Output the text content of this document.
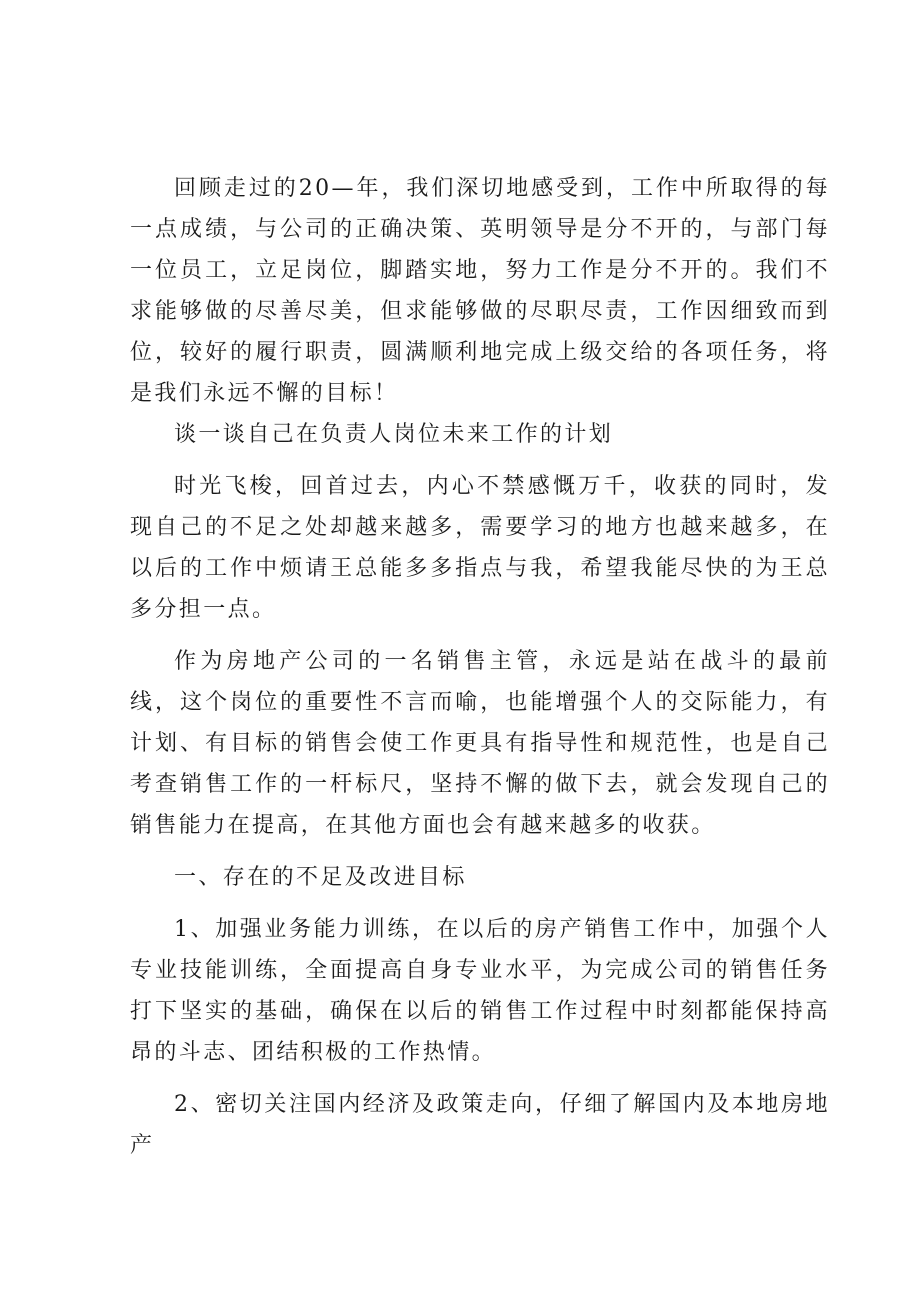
回顾走过的20—年，我们深切地感受到，工作中所取得的每一点成绩，与公司的正确决策、英明领导是分不开的，与部门每一位员工，立足岗位，脚踏实地，努力工作是分不开的。我们不求能够做的尽善尽美，但求能够做的尽职尽责，工作因细致而到位，较好的履行职责，圆满顺利地完成上级交给的各项任务，将是我们永远不懈的目标！

谈一谈自己在负责人岗位未来工作的计划

时光飞梭，回首过去，内心不禁感慨万千，收获的同时，发现自己的不足之处却越来越多，需要学习的地方也越来越多，在以后的工作中烦请王总能多多指点与我，希望我能尽快的为王总多分担一点。

作为房地产公司的一名销售主管，永远是站在战斗的最前线，这个岗位的重要性不言而喻，也能增强个人的交际能力，有计划、有目标的销售会使工作更具有指导性和规范性，也是自己考查销售工作的一杆标尺，坚持不懈的做下去，就会发现自己的销售能力在提高，在其他方面也会有越来越多的收获。

一、存在的不足及改进目标

1、加强业务能力训练，在以后的房产销售工作中，加强个人专业技能训练，全面提高自身专业水平，为完成公司的销售任务打下坚实的基础，确保在以后的销售工作过程中时刻都能保持高昂的斗志、团结积极的工作热情。

2、密切关注国内经济及政策走向，仔细了解国内及本地房地产
